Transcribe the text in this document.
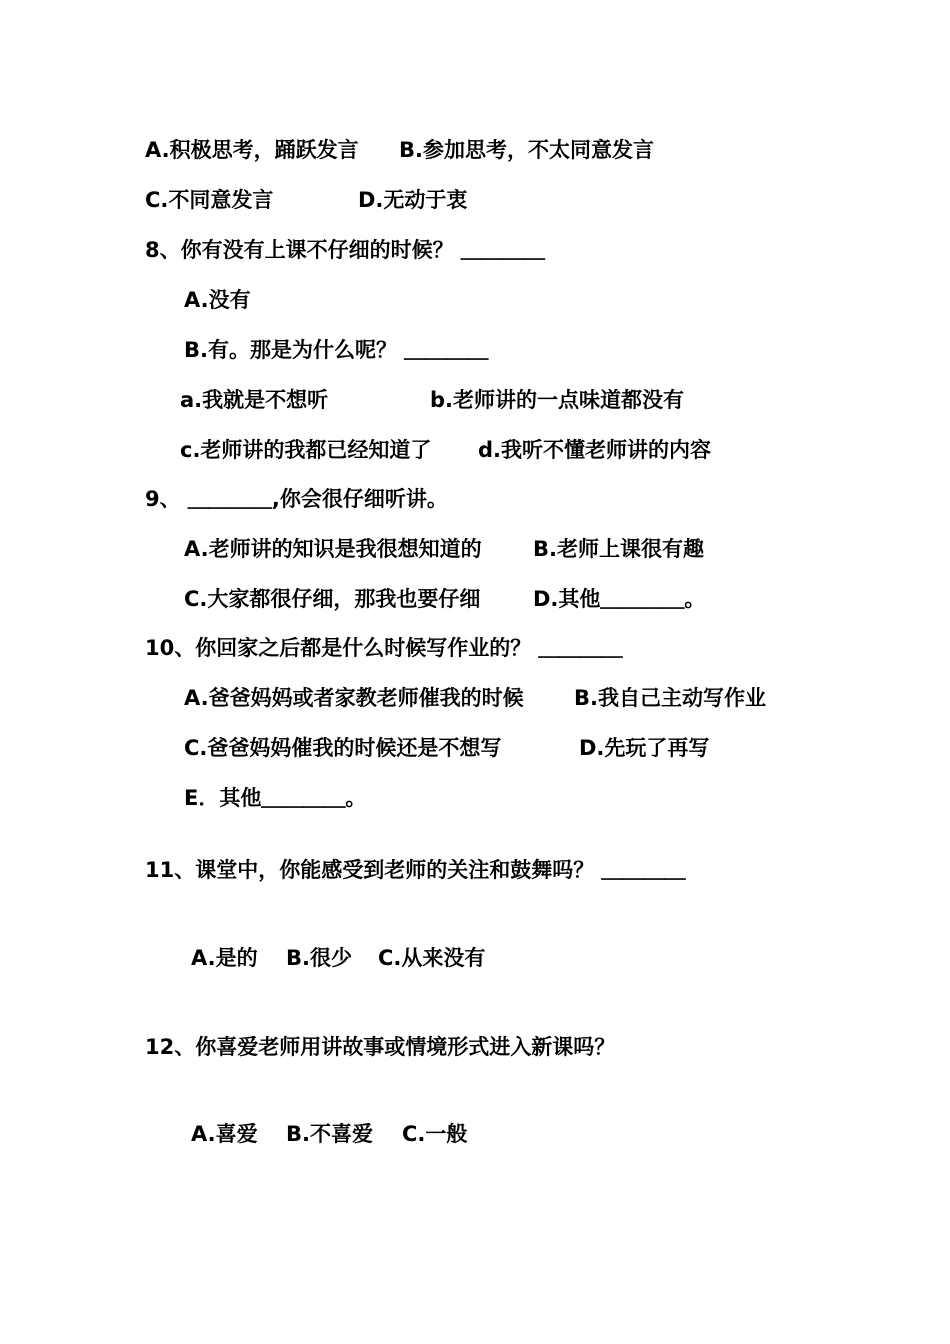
A.积极思考，踊跃发言

B.参加思考，不太同意发言

C.不同意发言

	D.无动于衷

8、你有没有上课不仔细的时候？ ＿＿＿＿

A.没有

B.有。那是为什么呢？ ＿＿＿＿

a.我就是不想听

	b.老师讲的一点味道都没有

c.老师讲的我都已经知道了

d.我听不懂老师讲的内容

9、 ＿＿＿＿,你会很仔细听讲。

A.老师讲的知识是我很想知道的

B.老师上课很有趣

C.大家都很仔细，那我也要仔细

	D.其他＿＿＿＿。

10、你回家之后都是什么时候写作业的？ ＿＿＿＿

A.爸爸妈妈或者家教老师催我的时候

B.我自己主动写作业

C.爸爸妈妈催我的时候还是不想写

	D.先玩了再写

E．其他＿＿＿＿。

11、课堂中，你能感受到老师的关注和鼓舞吗？ ＿＿＿＿

A.是的

B.很少

C.从来没有

12、你喜爱老师用讲故事或情境形式进入新课吗？

A.喜爱

B.不喜爱

C.一般
